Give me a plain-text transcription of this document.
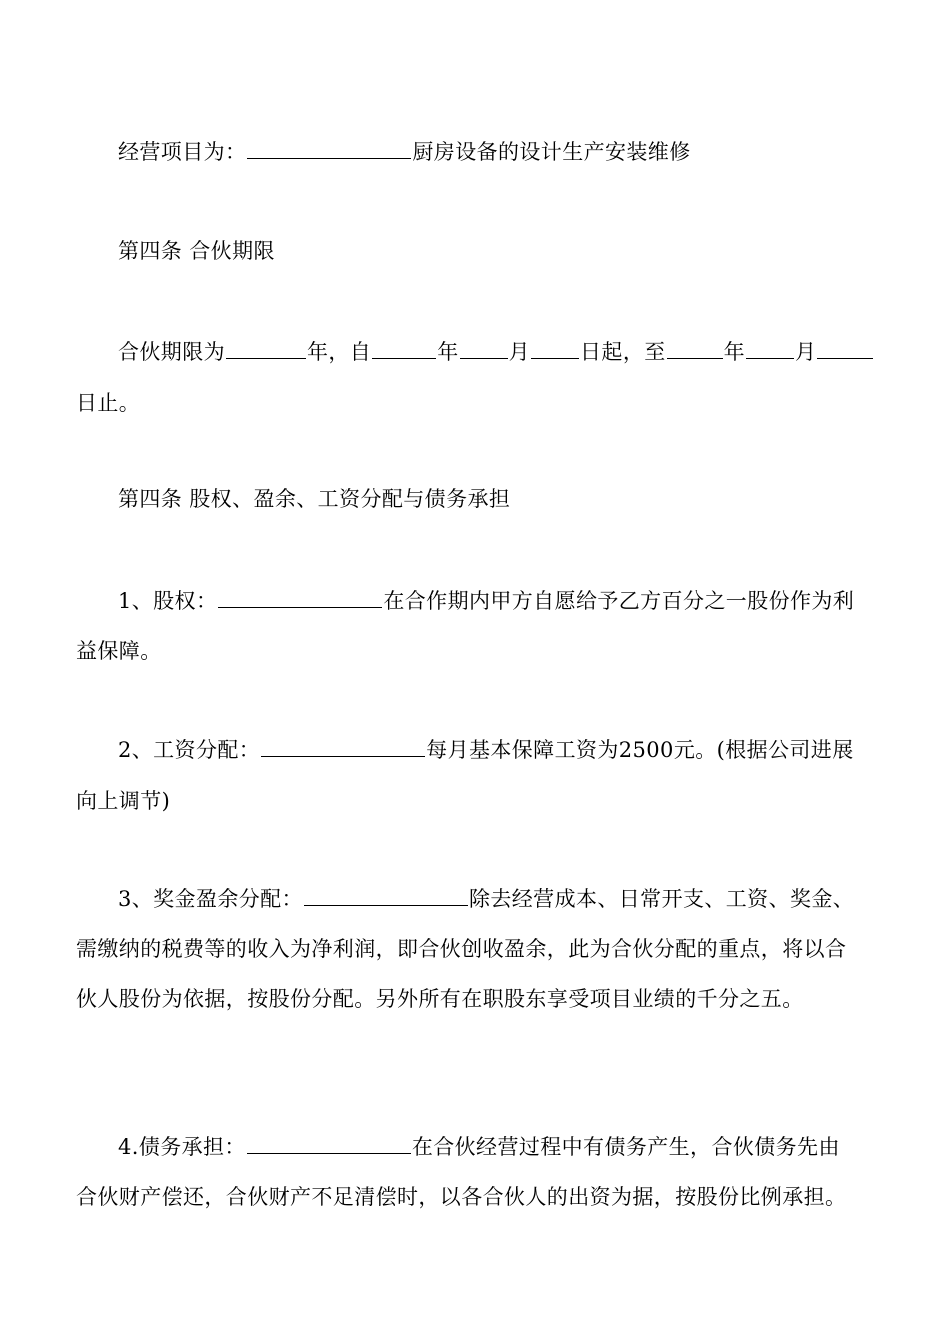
经营项目为：	厨房设备的设计生产安装维修
第四条 合伙期限
合伙期限为	年，自	年 月 日起，至	年 月
日止。
第四条 股权、盈余、工资分配与债务承担
1、股权：	在合作期内甲方自愿给予乙方百分之一股份作为利
益保障。
2、工资分配：	每月基本保障工资为2500元。(根据公司进展
向上调节)
3、奖金盈余分配：	除去经营成本、日常开支、工资、奖金、
需缴纳的税费等的收入为净利润，即合伙创收盈余，此为合伙分配的重点，将以合
伙人股份为依据，按股份分配。另外所有在职股东享受项目业绩的千分之五。
4.债务承担：	在合伙经营过程中有债务产生，合伙债务先由
合伙财产偿还，合伙财产不足清偿时，以各合伙人的出资为据，按股份比例承担。
